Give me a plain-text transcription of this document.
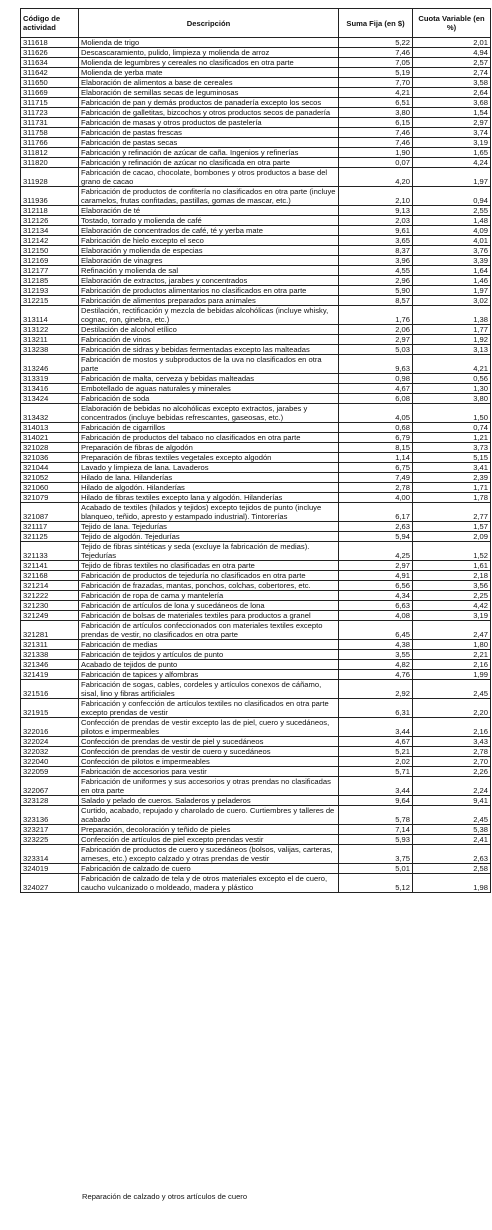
Código de actividad	Descripción	Suma Fija (en $)	Cuota Variable (en %)
311618	Molienda de trigo	5,22	2,01
311626	Descascaramiento, pulido, limpieza y molienda de arroz	7,46	4,94
311634	Molienda de legumbres y cereales no clasificados en otra parte	7,05	2,57
311642	Molienda de yerba mate	5,19	2,74
311650	Elaboración de alimentos a base de cereales	7,70	3,58
311669	Elaboración de semillas secas de leguminosas	4,21	2,64
311715	Fabricación de pan y demás productos de panadería excepto los secos	6,51	3,68
311723	Fabricación de galletitas, bizcochos y otros productos secos de panadería	3,80	1,54
311731	Fabricación de masas y otros productos de pastelería	6,15	2,97
311758	Fabricación de pastas frescas	7,46	3,74
311766	Fabricación de pastas secas	7,46	3,19
311812	Fabricación y refinación de azúcar de caña. Ingenios y refinerías	1,90	1,65
311820	Fabricación y refinación de azúcar no clasificada en otra parte	0,07	4,24
311928	Fabricación de cacao, chocolate, bombones y otros productos a base del grano de cacao	4,20	1,97
311936	Fabricación de productos de confitería no clasificados en otra parte (incluye caramelos, frutas confitadas, pastillas, gomas de mascar, etc.)	2,10	0,94
312118	Elaboración de té	9,13	2,55
312126	Tostado, torrado y molienda de café	2,03	1,48
312134	Elaboración de concentrados de café, té y yerba mate	9,61	4,09
312142	Fabricación de hielo excepto el seco	3,65	4,01
312150	Elaboración y molienda de especias	8,37	3,76
312169	Elaboración de vinagres	3,96	3,39
312177	Refinación y molienda de sal	4,55	1,64
312185	Elaboración de extractos, jarabes y concentrados	2,96	1,46
312193	Fabricación de productos alimentarios no clasificados en otra parte	5,90	1,97
312215	Fabricación de alimentos preparados para animales	8,57	3,02
313114	Destilación, rectificación y mezcla de bebidas alcohólicas (incluye whisky, cognac, ron, ginebra, etc.)	1,76	1,38
313122	Destilación de alcohol etílico	2,06	1,77
313211	Fabricación de vinos	2,97	1,92
313238	Fabricación de sidras y bebidas fermentadas excepto las malteadas	5,03	3,13
313246	Fabricación de mostos y subproductos de la uva no clasificados en otra parte	9,63	4,21
313319	Fabricación de malta, cerveza y bebidas malteadas	0,98	0,56
313416	Embotellado de aguas naturales y minerales	4,67	1,30
313424	Fabricación de soda	6,08	3,80
313432	Elaboración de bebidas no alcohólicas excepto extractos, jarabes y concentrados (incluye bebidas refrescantes, gaseosas, etc.)	4,05	1,50
314013	Fabricación de cigarrillos	0,68	0,74
314021	Fabricación de productos del tabaco no clasificados en otra parte	6,79	1,21
321028	Preparación de fibras de algodón	8,15	3,73
321036	Preparación de fibras textiles vegetales excepto algodón	1,14	5,15
321044	Lavado y limpieza de lana. Lavaderos	6,75	3,41
321052	Hilado de lana. Hilanderías	7,49	2,39
321060	Hilado de algodón. Hilanderías	2,78	1,71
321079	Hilado de fibras textiles excepto lana y algodón. Hilanderías	4,00	1,78
321087	Acabado de textiles (hilados y tejidos) excepto tejidos de punto (incluye blanqueo, teñido, apresto y estampado industrial). Tintorerías	6,17	2,77
321117	Tejido de lana. Tejedurías	2,63	1,57
321125	Tejido de algodón. Tejedurías	5,94	2,09
321133	Tejido de fibras sintéticas y seda (excluye la fabricación de medias). Tejedurías	4,25	1,52
321141	Tejido de fibras textiles no clasificadas en otra parte	2,97	1,61
321168	Fabricación de productos de tejeduría no clasificados en otra parte	4,91	2,18
321214	Fabricación de frazadas, mantas, ponchos, colchas, cobertores, etc.	6,56	3,56
321222	Fabricación de ropa de cama y mantelería	4,34	2,25
321230	Fabricación de artículos de lona y sucedáneos de lona	6,63	4,42
321249	Fabricación de bolsas de materiales textiles para productos a granel	4,08	3,19
321281	Fabricación de artículos confeccionados con materiales textiles excepto prendas de vestir, no clasificados en otra parte	6,45	2,47
321311	Fabricación de medias	4,38	1,80
321338	Fabricación de tejidos y artículos de punto	3,55	2,21
321346	Acabado de tejidos de punto	4,82	2,16
321419	Fabricación de tapices y alfombras	4,76	1,99
321516	Fabricación de sogas, cables, cordeles y artículos conexos de cáñamo, sisal, lino y fibras artificiales	2,92	2,45
321915	Fabricación y confección de artículos textiles no clasificados en otra parte excepto prendas de vestir	6,31	2,20
322016	Confección de prendas de vestir excepto las de piel, cuero y sucedáneos, pilotos e impermeables	3,44	2,16
322024	Confección de prendas de vestir de piel y sucedáneos	4,67	3,43
322032	Confección de prendas de vestir de cuero y sucedáneos	5,21	2,78
322040	Confección de pilotos e impermeables	2,02	2,70
322059	Fabricación de accesorios para vestir	5,71	2,26
322067	Fabricación de uniformes y sus accesorios y otras prendas no clasificadas en otra parte	3,44	2,24
323128	Salado y pelado de cueros. Saladeros y peladeros	9,64	9,41
323136	Curtido, acabado, repujado y charolado de cuero. Curtiembres y talleres de acabado	5,78	2,45
323217	Preparación, decoloración y teñido de pieles	7,14	5,38
323225	Confección de artículos de piel excepto prendas vestir	5,93	2,41
323314	Fabricación de productos de cuero y sucedáneos (bolsos, valijas, carteras, arneses, etc.) excepto calzado y otras prendas de vestir	3,75	2,63
324019	Fabricación de calzado de cuero	5,01	2,58
324027	Fabricación de calzado de tela y de otros materiales excepto el de cuero, caucho vulcanizado o moldeado, madera y plástico	5,12	1,98
Reparación de calzado y otros artículos de cuero
